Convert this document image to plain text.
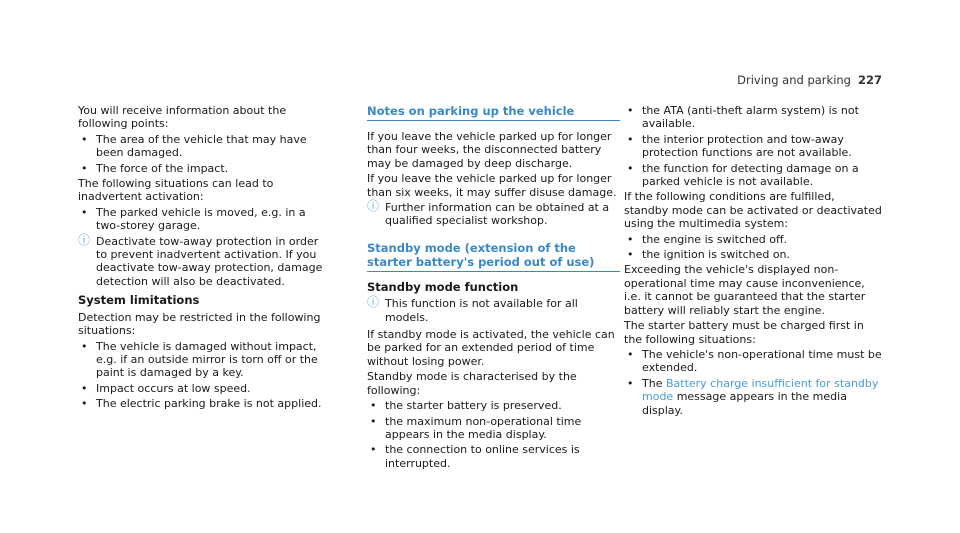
Driving and parking 227

You will receive information about the following points:

• The area of the vehicle that may have been damaged.
• The force of the impact.

The following situations can lead to inadvertent activation:

• The parked vehicle is moved, e.g. in a two-storey garage.
ⓘ Deactivate tow-away protection in order to prevent inadvertent activation. If you deactivate tow-away protection, damage detection will also be deactivated.
System limitations

Detection may be restricted in the following situations:

• The vehicle is damaged without impact, e.g. if an outside mirror is torn off or the paint is damaged by a key.
• Impact occurs at low speed.
• The electric parking brake is not applied.
Notes on parking up the vehicle

If you leave the vehicle parked up for longer than four weeks, the disconnected battery may be damaged by deep discharge.

If you leave the vehicle parked up for longer than six weeks, it may suffer disuse damage.

ⓘ Further information can be obtained at a qualified specialist workshop.
Standby mode (extension of the starter battery's period out of use)
Standby mode function
ⓘ This function is not available for all models.

If standby mode is activated, the vehicle can be parked for an extended period of time without losing power.

Standby mode is characterised by the following:

• the starter battery is preserved.
• the maximum non-operational time appears in the media display.
• the connection to online services is interrupted.
• the ATA (anti-theft alarm system) is not available.
• the interior protection and tow-away protection functions are not available.
• the function for detecting damage on a parked vehicle is not available.

If the following conditions are fulfilled, standby mode can be activated or deactivated using the multimedia system:

• the engine is switched off.
• the ignition is switched on.

Exceeding the vehicle's displayed non-operational time may cause inconvenience, i.e. it cannot be guaranteed that the starter battery will reliably start the engine.

The starter battery must be charged first in the following situations:

• The vehicle's non-operational time must be extended.
• The Battery charge insufficient for standby mode message appears in the media display.
